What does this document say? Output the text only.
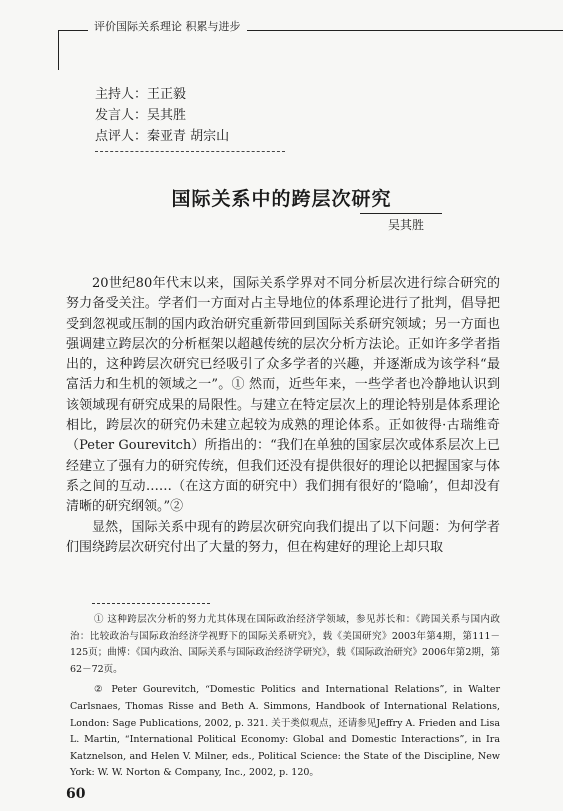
评价国际关系理论 积累与进步
主持人：王正毅
发言人：吴其胜
点评人：秦亚青 胡宗山
国际关系中的跨层次研究
吴其胜

20世纪80年代末以来，国际关系学界对不同分析层次进行综合研究的努力备受关注。学者们一方面对占主导地位的体系理论进行了批判，倡导把受到忽视或压制的国内政治研究重新带回到国际关系研究领域；另一方面也强调建立跨层次的分析框架以超越传统的层次分析方法论。正如许多学者指出的，这种跨层次研究已经吸引了众多学者的兴趣，并逐渐成为该学科“最富活力和生机的领域之一”。① 然而，近些年来，一些学者也冷静地认识到该领域现有研究成果的局限性。与建立在特定层次上的理论特别是体系理论相比，跨层次的研究仍未建立起较为成熟的理论体系。正如彼得·古瑞维奇（Peter Gourevitch）所指出的：“我们在单独的国家层次或体系层次上已经建立了强有力的研究传统，但我们还没有提供很好的理论以把握国家与体系之间的互动……（在这方面的研究中）我们拥有很好的‘隐喻’，但却没有清晰的研究纲领。”②

显然，国际关系中现有的跨层次研究向我们提出了以下问题：为何学者们围绕跨层次研究付出了大量的努力，但在构建好的理论上却只取

① 这种跨层次分析的努力尤其体现在国际政治经济学领域，参见苏长和：《跨国关系与国内政治：比较政治与国际政治经济学视野下的国际关系研究》，载《美国研究》2003年第4期，第111－125页；曲博：《国内政治、国际关系与国际政治经济学研究》，载《国际政治研究》2006年第2期，第62－72页。

② Peter Gourevitch, “Domestic Politics and International Relations”, in Walter Carlsnaes, Thomas Risse and Beth A. Simmons, Handbook of International Relations, London: Sage Publications, 2002, p. 321. 关于类似观点，还请参见Jeffry A. Frieden and Lisa L. Martin, “International Political Economy: Global and Domestic Interactions”, in Ira Katznelson, and Helen V. Milner, eds., Political Science: the State of the Discipline, New York: W. W. Norton & Company, Inc., 2002, p. 120。

60
